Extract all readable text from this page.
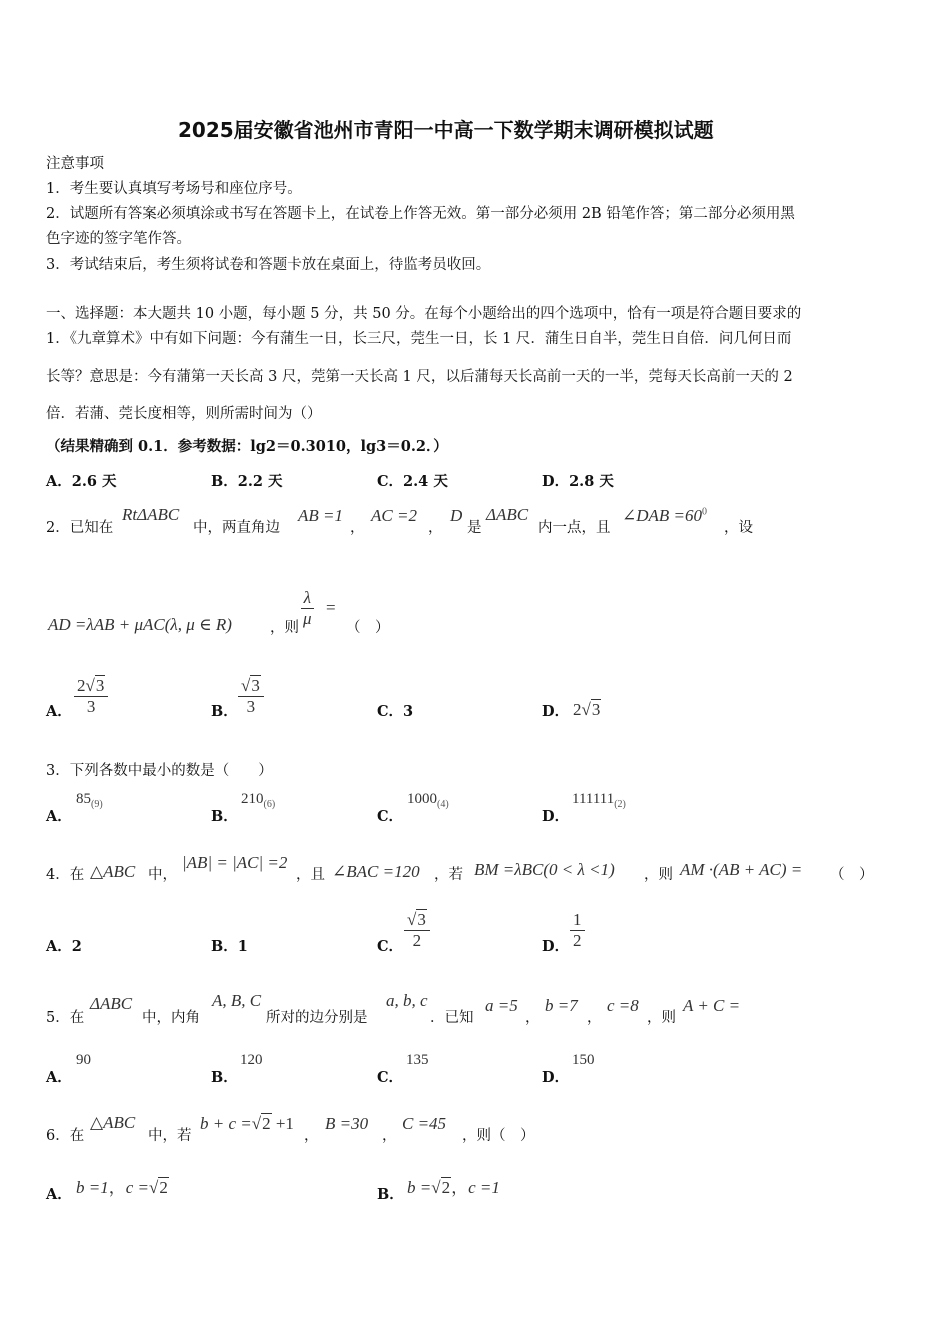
2025届安徽省池州市青阳一中高一下数学期末调研模拟试题
注意事项
1．考生要认真填写考场号和座位序号。
2．试题所有答案必须填涂或书写在答题卡上，在试卷上作答无效。第一部分必须用 2B 铅笔作答；第二部分必须用黑
色字迹的签字笔作答。
3．考试结束后，考生须将试卷和答题卡放在桌面上，待监考员收回。
一、选择题：本大题共 10 小题，每小题 5 分，共 50 分。在每个小题给出的四个选项中，恰有一项是符合题目要求的
1．《九章算术》中有如下问题：今有蒲生一日，长三尺，莞生一日，长 1 尺．蒲生日自半，莞生日自倍．问几何日而
长等？意思是：今有蒲第一天长高 3 尺，莞第一天长高 1 尺，以后蒲每天长高前一天的一半，莞每天长高前一天的 2
倍．若蒲、莞长度相等，则所需时间为（）
（结果精确到 0.1．参考数据：lg2＝0.3010，lg3＝0.2．）
A．2.6 天	B．2.2 天	C．2.4 天	D．2.8 天
2．已知在
RtΔABC
中，两直角边
AB =1
，
AC =2
，
D
是
ΔABC
内一点，且
∠DAB $=60^0$
，设
AD =λAB + μAC(λ, μ ∈ R)	，则 $\frac{\lambda}{\mu}$ =
（　）
A． $\frac{2√3}{3}$	B． $\frac{√3}{3}$	C．3	D． 2√3
3．下列各数中最小的数是（　　）
A．
$85_{(9)}$
B．
$210_{(6)}$
C．
$1000_{(4)}$
D．
$111111_{(2)}$
4．在 △ABC 中，
|AB| = |AC| =2
，且 ∠BAC =120 ，若 BM =λBC(0 < λ <1) ，则 AM ·(AB + AC) = （　）
A．2	B．1	C． $\frac{√3}{2}$	D． $\frac{1}{2}$
5．在
ΔABC
中，内角
A, B, C
所对的边分别是
a, b, c
．已知
a =5
，
b =7
，
c =8
，则
A + C =
A．
90
B．
120
C．
135
D．
150
6．在
△ABC
中，若
b + c =√2 +1
，
B =30
，
C =45
，则（　）
A． b =1，c =√2	B． b =√2，c =1
